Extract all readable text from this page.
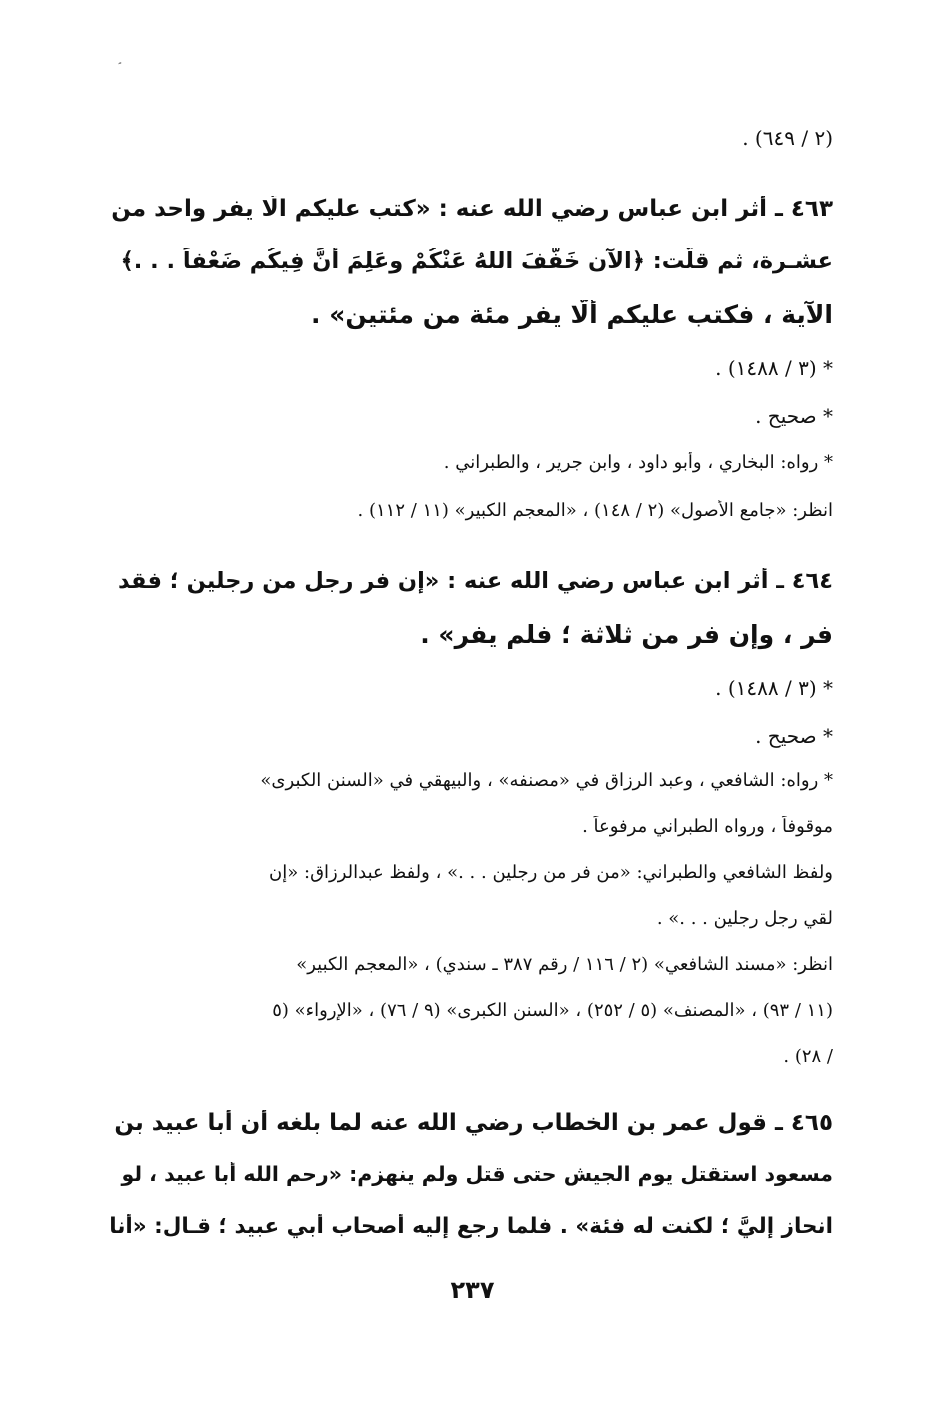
(٢ / ٦٤٩) .
٤٦٣ ـ أثر ابن عباس رضي الله عنه : «كتب عليكم الّا يفر واحد من
عشـرة، ثم قلّت: ﴿الآن خَفَّفَ اللهُ عَنْكُمْ وعَلِمَ أَنَّ فِيكُم ضَعْفاً . . .﴾
الآية ، فكتب عليكم ألّا يفر مئة من مئتين» .
* (٣ / ١٤٨٨) .
* صحيح .
* رواه: البخاري ، وأبو داود ، وابن جرير ، والطبراني .
انظر: «جامع الأصول» (٢ / ١٤٨) ، «المعجم الكبير» (١١ / ١١٢) .
٤٦٤ ـ أثر ابن عباس رضي الله عنه : «إن فر رجل من رجلين ؛ فقد
فر ، وإن فر من ثلاثة ؛ فلم يفر» .
* (٣ / ١٤٨٨) .
* صحيح .
* رواه: الشافعي ، وعبد الرزاق في «مصنفه» ، والبيهقي في «السنن الكبرى»
موقوفاً ، ورواه الطبراني مرفوعاً .
ولفظ الشافعي والطبراني: «من فر من رجلين . . .» ، ولفظ عبدالرزاق: «إن
لقي رجل رجلين . . .» .
انظر: «مسند الشافعي» (٢ / ١١٦ / رقم ٣٨٧ ـ سندي) ، «المعجم الكبير»
(١١ / ٩٣) ، «المصنف» (٥ / ٢٥٢) ، «السنن الكبرى» (٩ / ٧٦) ، «الإرواء» (٥
/ ٢٨) .
٤٦٥ ـ قول عمر بن الخطاب رضي الله عنه لما بلغه أن أبا عبيد بن
مسعود استقتل يوم الجيش حتى قتل ولم ينهزم: «رحم الله أبا عبيد ، لو
انحاز إليَّ ؛ لكنت له فئة» . فلما رجع إليه أصحاب أبي عبيد ؛ قـال: «أنا
٢٣٧
